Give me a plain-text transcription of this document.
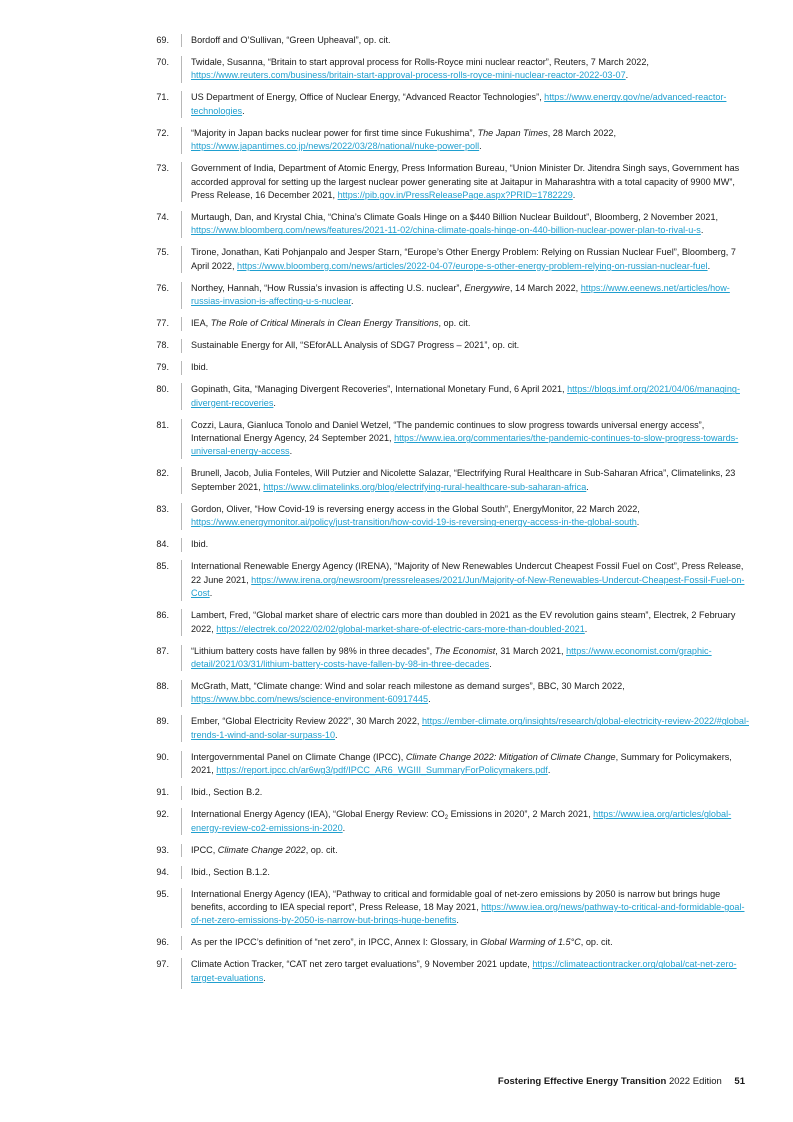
69. Bordoff and O’Sullivan, “Green Upheaval”, op. cit.
70. Twidale, Susanna, “Britain to start approval process for Rolls-Royce mini nuclear reactor”, Reuters, 7 March 2022, https://www.reuters.com/business/britain-start-approval-process-rolls-royce-mini-nuclear-reactor-2022-03-07.
71. US Department of Energy, Office of Nuclear Energy, “Advanced Reactor Technologies”, https://www.energy.gov/ne/advanced-reactor-technologies.
72. “Majority in Japan backs nuclear power for first time since Fukushima”, The Japan Times, 28 March 2022, https://www.japantimes.co.jp/news/2022/03/28/national/nuke-power-poll.
73. Government of India, Department of Atomic Energy, Press Information Bureau, “Union Minister Dr. Jitendra Singh says, Government has accorded approval for setting up the largest nuclear power generating site at Jaitapur in Maharashtra with a total capacity of 9900 MW”, Press Release, 16 December 2021, https://pib.gov.in/PressReleasePage.aspx?PRID=1782229.
74. Murtaugh, Dan, and Krystal Chia, “China’s Climate Goals Hinge on a $440 Billion Nuclear Buildout”, Bloomberg, 2 November 2021, https://www.bloomberg.com/news/features/2021-11-02/china-climate-goals-hinge-on-440-billion-nuclear-power-plan-to-rival-u-s.
75. Tirone, Jonathan, Kati Pohjanpalo and Jesper Starn, “Europe’s Other Energy Problem: Relying on Russian Nuclear Fuel”, Bloomberg, 7 April 2022, https://www.bloomberg.com/news/articles/2022-04-07/europe-s-other-energy-problem-relying-on-russian-nuclear-fuel.
76. Northey, Hannah, “How Russia’s invasion is affecting U.S. nuclear”, Energywire, 14 March 2022, https://www.eenews.net/articles/how-russias-invasion-is-affecting-u-s-nuclear.
77. IEA, The Role of Critical Minerals in Clean Energy Transitions, op. cit.
78. Sustainable Energy for All, “SEforALL Analysis of SDG7 Progress – 2021”, op. cit.
79. Ibid.
80. Gopinath, Gita, “Managing Divergent Recoveries”, International Monetary Fund, 6 April 2021, https://blogs.imf.org/2021/04/06/managing-divergent-recoveries.
81. Cozzi, Laura, Gianluca Tonolo and Daniel Wetzel, “The pandemic continues to slow progress towards universal energy access”, International Energy Agency, 24 September 2021, https://www.iea.org/commentaries/the-pandemic-continues-to-slow-progress-towards-universal-energy-access.
82. Brunell, Jacob, Julia Fonteles, Will Putzier and Nicolette Salazar, “Electrifying Rural Healthcare in Sub-Saharan Africa”, Climatelinks, 23 September 2021, https://www.climatelinks.org/blog/electrifying-rural-healthcare-sub-saharan-africa.
83. Gordon, Oliver, “How Covid-19 is reversing energy access in the Global South”, EnergyMonitor, 22 March 2022, https://www.energymonitor.ai/policy/just-transition/how-covid-19-is-reversing-energy-access-in-the-global-south.
84. Ibid.
85. International Renewable Energy Agency (IRENA), “Majority of New Renewables Undercut Cheapest Fossil Fuel on Cost”, Press Release, 22 June 2021, https://www.irena.org/newsroom/pressreleases/2021/Jun/Majority-of-New-Renewables-Undercut-Cheapest-Fossil-Fuel-on-Cost.
86. Lambert, Fred, “Global market share of electric cars more than doubled in 2021 as the EV revolution gains steam”, Electrek, 2 February 2022, https://electrek.co/2022/02/02/global-market-share-of-electric-cars-more-than-doubled-2021.
87. “Lithium battery costs have fallen by 98% in three decades”, The Economist, 31 March 2021, https://www.economist.com/graphic-detail/2021/03/31/lithium-battery-costs-have-fallen-by-98-in-three-decades.
88. McGrath, Matt, “Climate change: Wind and solar reach milestone as demand surges”, BBC, 30 March 2022, https://www.bbc.com/news/science-environment-60917445.
89. Ember, “Global Electricity Review 2022”, 30 March 2022, https://ember-climate.org/insights/research/global-electricity-review-2022/#global-trends-1-wind-and-solar-surpass-10.
90. Intergovernmental Panel on Climate Change (IPCC), Climate Change 2022: Mitigation of Climate Change, Summary for Policymakers, 2021, https://report.ipcc.ch/ar6wg3/pdf/IPCC_AR6_WGIII_SummaryForPolicymakers.pdf.
91. Ibid., Section B.2.
92. International Energy Agency (IEA), “Global Energy Review: $CO_2$ Emissions in 2020”, 2 March 2021, https://www.iea.org/articles/global-energy-review-co2-emissions-in-2020.
93. IPCC, Climate Change 2022, op. cit.
94. Ibid., Section B.1.2.
95. International Energy Agency (IEA), “Pathway to critical and formidable goal of net-zero emissions by 2050 is narrow but brings huge benefits, according to IEA special report”, Press Release, 18 May 2021, https://www.iea.org/news/pathway-to-critical-and-formidable-goal-of-net-zero-emissions-by-2050-is-narrow-but-brings-huge-benefits.
96. As per the IPCC’s definition of “net zero”, in IPCC, Annex I: Glossary, in Global Warming of 1.5°C, op. cit.
97. Climate Action Tracker, “CAT net zero target evaluations”, 9 November 2021 update, https://climateactiontracker.org/global/cat-net-zero-target-evaluations.
Fostering Effective Energy Transition 2022 Edition 51
